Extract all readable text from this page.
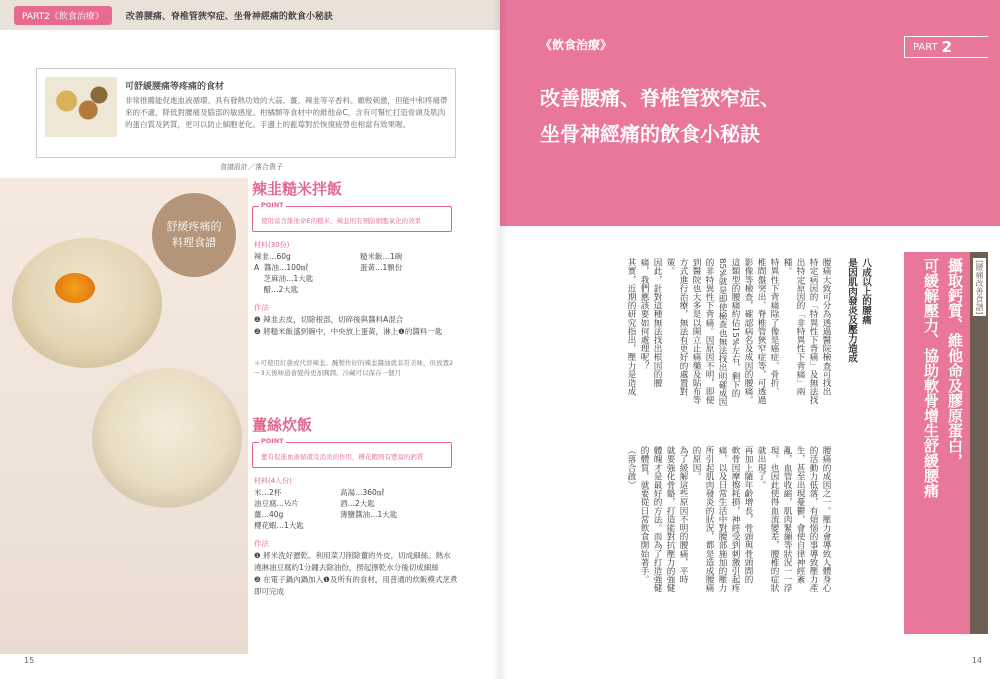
PART2《飲食治療》	改善腰痛、脊椎管狹窄症、坐骨神經痛的飲食小秘訣
可舒緩腰痛等疼痛的食材
非常推薦能促進血液循環、具有發熱功效的大蒜、薑、辣韭等辛香料。雖較刺激，但能中和疼痛帶來的不適，降低對腰痛及腦部的敏感度。柑橘類等食材中的維他命C，含有可幫忙打造骨頭及肌肉的蛋白質及鈣質，更可以防止細胞老化。手邊上的藍莓對於恢復疲勞也相當有效果喔。
食譜設計／落合貴子
舒緩疼痛的
料理食譜
辣韭糙米拌飯
POINT
使用富含維他命E的糙米、辣韭則有預防細胞氧化的效果
材料(30份)
辣韭…60g
A  醬油…100㎖
芝麻油…1大匙
醋…2大匙
糙米飯…1碗
蛋黃…1顆份
作法
❶ 辣韭去皮，切除根部，切碎後與醬料A混合
❷ 將糙米飯盛到碗中，中央放上蛋黃，淋上❶的醬料一匙
＊可使用紅蔥或代替辣韭。醃製作好的辣韭醬油就非常美味，但放置2～3天後味道會變得更加圓潤。冷藏可以保存一個月
薑絲炊飯
POINT
薑有促進血液循環及消炎的作用，櫻花蝦則有豐富的鈣質
材料(4人份)
米…2杯
油豆腐…½片
薑…40g
櫻花蝦…1大匙
高湯…360㎖
酒…2大匙
薄鹽醬油…1大匙
作法
❶ 將米洗好瀝乾。利用菜刀削除薑的外皮，切成細絲。熱水澆淋油豆腐約1分鐘去除油份，撈起擰乾水分後切成細絲
❷ 在電子鍋內鍋加入❶及所有的食材，用普通的炊飯模式烹煮即可完成
15
《飲食治療》	PART 2
改善腰痛、脊椎管狹窄症、
坐骨神經痛的飲食小秘訣
[腰痛改善食譜]
攝取鈣質、維他命及膠原蛋白，
可緩解壓力、協助軟骨增生舒緩腰痛
八成以上的腰痛
是因肌肉發炎及壓力造成
腰痛大致可分為透過醫院檢查可找出
特定病因的「特異性下背痛」及無法找
出特定原因的「非特異性下背痛」兩
種。
特異性下背痛除了像是癌症、骨折、
椎間盤突出、脊椎管狹窄症等，可透過
影像等檢查，確認病名及成因的腰痛。
這類型的腰痛約佔15%左右，剩下的
85%就是即使檢查也無法找出明確成因
的非特異性下背痛。因原因不明，即便
到醫院也大多是以開立止痛藥及貼布等
方式進行治療，無法有更好的處置對
策。
因此，針對這種無法找出根因的腰
痛，我們應該要如何處理呢？
其實，近期的研究指出，壓力是造成
14
腰痛的成因之一。壓力會導致人體身心
的活動力低落，有煩惱的事導致壓力產
生，甚至出現憂鬱，會使自律神經紊
亂，血管收縮，肌肉緊繃等狀況一一浮
現。也因此使得血流變差，腰椎的症狀
就出現了。
再加上隨年齡增長，骨頭與骨頭間的
軟骨因摩擦耗損，神經受到刺激引起疼
痛，以及日常生活中對腰部施加的壓力
所引起肌肉發炎的狀況，都是造成腰痛
的原因。
為了緩解這些原因不明的腰痛，平時
就要強化骨骼，打造能對抗壓力的強健
體魄才是最好的方法。而為了打造強健
的體質，就要從日常飲食開始著手。
（落合啟）
